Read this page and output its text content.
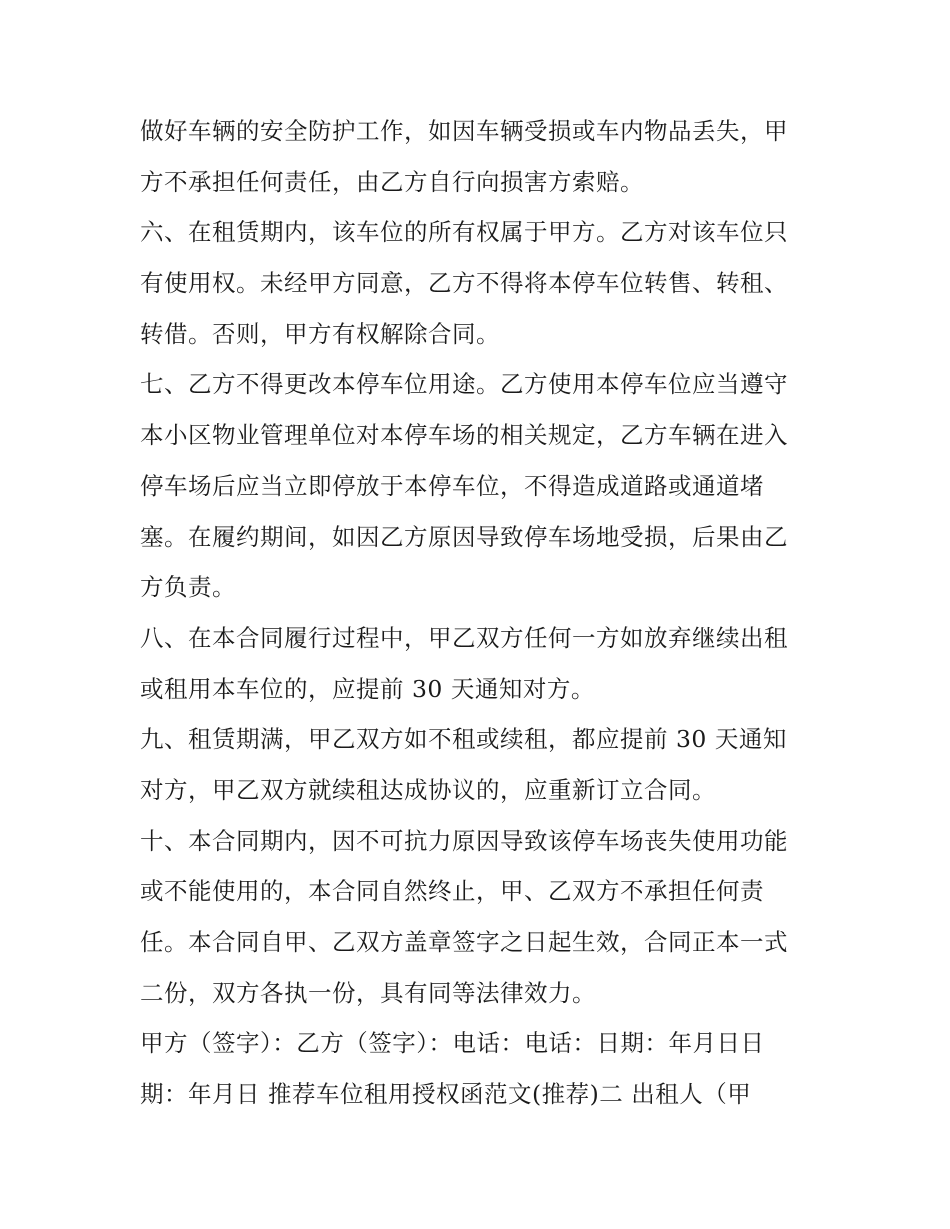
做好车辆的安全防护工作，如因车辆受损或车内物品丢失，甲
方不承担任何责任，由乙方自行向损害方索赔。
六、在租赁期内，该车位的所有权属于甲方。乙方对该车位只
有使用权。未经甲方同意，乙方不得将本停车位转售、转租、
转借。否则，甲方有权解除合同。
七、乙方不得更改本停车位用途。乙方使用本停车位应当遵守
本小区物业管理单位对本停车场的相关规定，乙方车辆在进入
停车场后应当立即停放于本停车位，不得造成道路或通道堵
塞。在履约期间，如因乙方原因导致停车场地受损，后果由乙
方负责。
八、在本合同履行过程中，甲乙双方任何一方如放弃继续出租
或租用本车位的，应提前 30 天通知对方。
九、租赁期满，甲乙双方如不租或续租，都应提前 30 天通知
对方，甲乙双方就续租达成协议的，应重新订立合同。
十、本合同期内，因不可抗力原因导致该停车场丧失使用功能
或不能使用的，本合同自然终止，甲、乙双方不承担任何责
任。本合同自甲、乙双方盖章签字之日起生效，合同正本一式
二份，双方各执一份，具有同等法律效力。
甲方（签字）：乙方（签字）：电话：电话：日期：年月日日
期：年月日 推荐车位租用授权函范文(推荐)二 出租人（甲
